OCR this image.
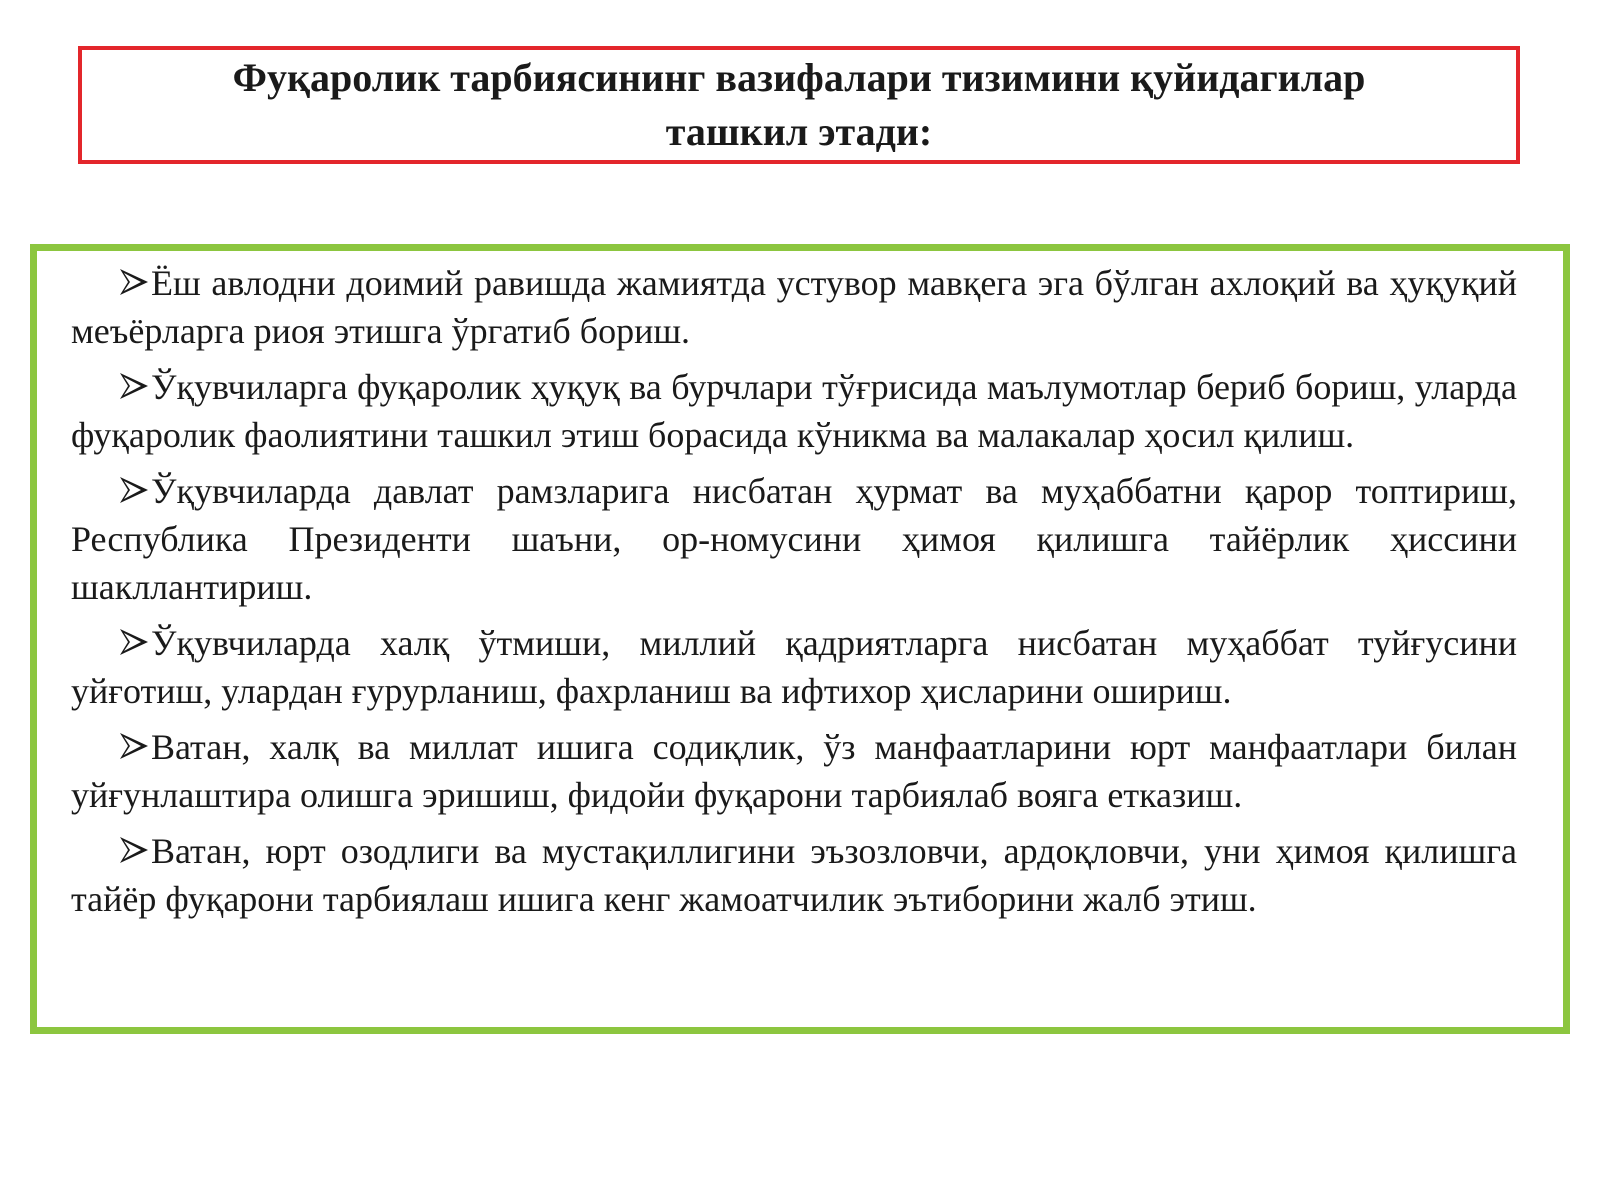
Фуқаролик тарбиясининг вазифалари тизимини қуйидагилар ташкил этади:

Ёш авлодни доимий равишда жамиятда устувор мавқега эга бўлган ахлоқий ва ҳуқуқий меъёрларга риоя этишга ўргатиб бориш.

Ўқувчиларга фуқаролик ҳуқуқ ва бурчлари тўғрисида маълумотлар бериб бориш, уларда фуқаролик фаолиятини ташкил этиш борасида кўникма ва малакалар ҳосил қилиш.

Ўқувчиларда давлат рамзларига нисбатан ҳурмат ва муҳаббатни қарор топтириш, Республика Президенти шаъни, ор-номусини ҳимоя қилишга тайёрлик ҳиссини шакллантириш.

Ўқувчиларда халқ ўтмиши, миллий қадриятларга нисбатан муҳаббат туйғусини уйғотиш, улардан ғурурланиш, фахрланиш ва ифтихор ҳисларини ошириш.

Ватан, халқ ва миллат ишига содиқлик, ўз манфаатларини юрт манфаатлари билан уйғунлаштира олишга эришиш, фидойи фуқарони тарбиялаб вояга етказиш.

Ватан, юрт озодлиги ва мустақиллигини эъзозловчи, ардоқловчи, уни ҳимоя қилишга тайёр фуқарони тарбиялаш ишига кенг жамоатчилик эътиборини жалб этиш.
